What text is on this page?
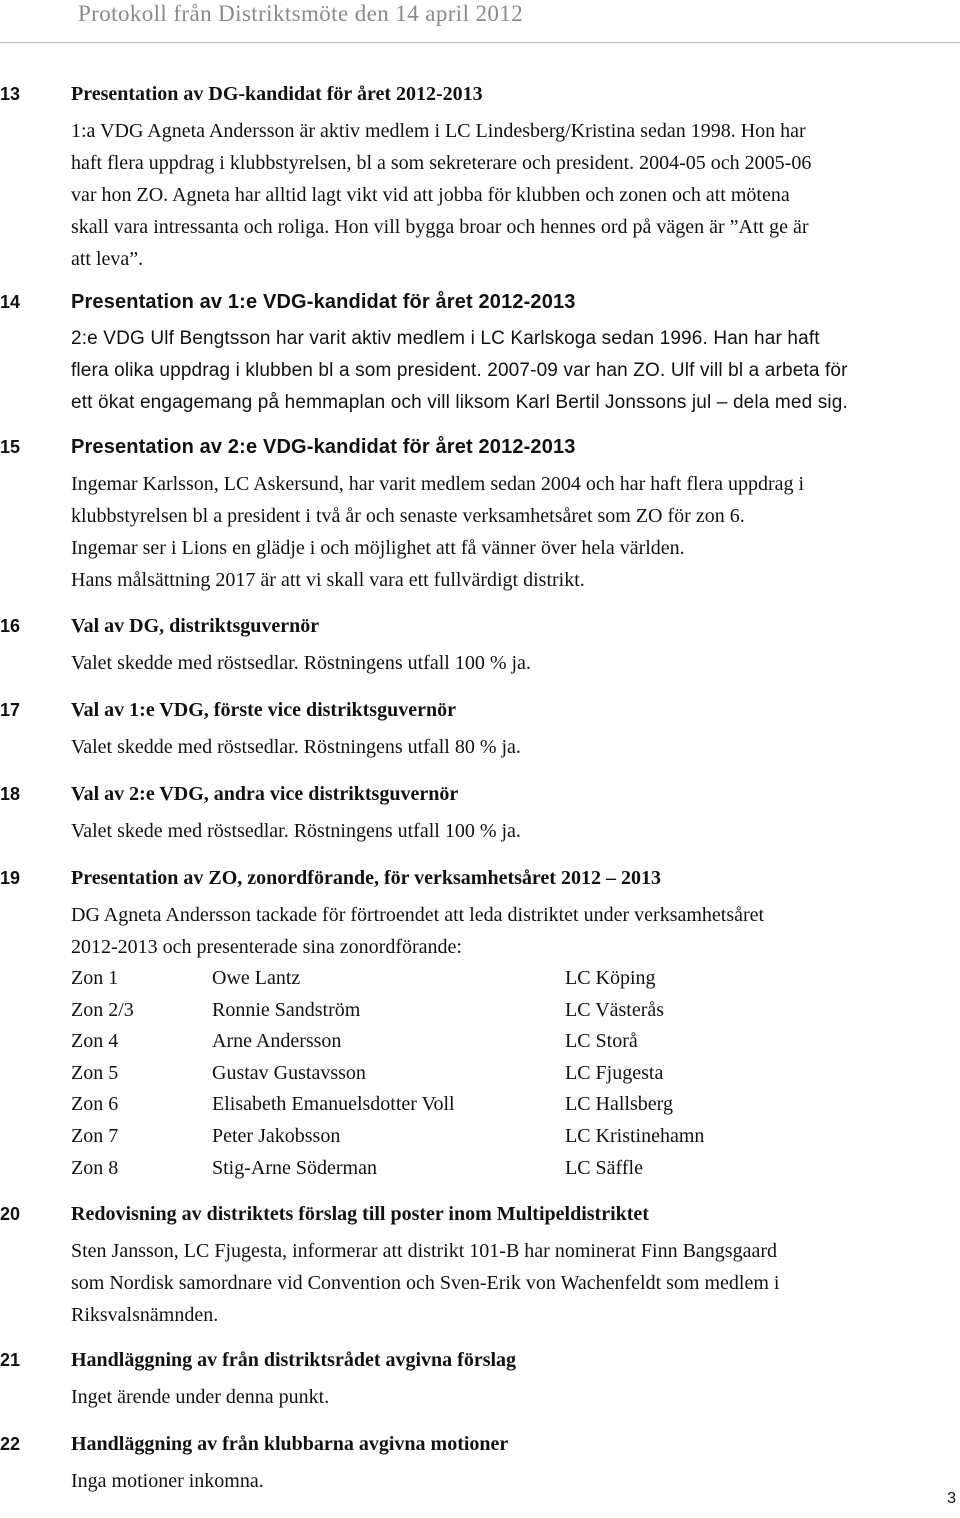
Protokoll från Distriktsmöte den 14 april 2012
13	Presentation av DG-kandidat för året 2012-2013
1:a VDG Agneta Andersson är aktiv medlem i LC Lindesberg/Kristina sedan 1998. Hon har
haft flera uppdrag i klubbstyrelsen, bl a som sekreterare och president. 2004-05 och 2005-06
var hon ZO. Agneta har alltid lagt vikt vid att jobba för klubben och zonen och att mötena
skall vara intressanta och roliga. Hon vill bygga broar och hennes ord på vägen är ”Att ge är
att leva”.
14	Presentation av 1:e VDG-kandidat för året 2012-2013
2:e VDG Ulf Bengtsson har varit aktiv medlem i LC Karlskoga sedan 1996. Han har haft
flera olika uppdrag i klubben bl a som president. 2007-09 var han ZO. Ulf vill bl a arbeta för
ett ökat engagemang på hemmaplan och vill liksom Karl Bertil Jonssons jul – dela med sig.
15	Presentation av 2:e VDG-kandidat för året 2012-2013
Ingemar Karlsson, LC Askersund, har varit medlem sedan 2004 och har haft flera uppdrag i
klubbstyrelsen bl a president i två år och senaste verksamhetsåret som ZO för zon 6.
Ingemar ser i Lions en glädje i och möjlighet att få vänner över hela världen.
Hans målsättning 2017 är att vi skall vara ett fullvärdigt distrikt.
16	Val av DG, distriktsguvernör
Valet skedde med röstsedlar. Röstningens utfall 100 % ja.
17	Val av 1:e VDG, förste vice distriktsguvernör
Valet skedde med röstsedlar. Röstningens utfall 80 % ja.
18	Val av 2:e VDG, andra vice distriktsguvernör
Valet skede med röstsedlar. Röstningens utfall 100 % ja.
19	Presentation av ZO, zonordförande, för verksamhetsåret 2012 – 2013
DG Agneta Andersson tackade för förtroendet att leda distriktet under verksamhetsåret
2012-2013 och presenterade sina zonordförande:
Zon 1	Owe Lantz	LC Köping
Zon 2/3	Ronnie Sandström	LC Västerås
Zon 4	Arne Andersson	LC Storå
Zon 5	Gustav Gustavsson	LC Fjugesta
Zon 6	Elisabeth Emanuelsdotter Voll	LC Hallsberg
Zon 7	Peter Jakobsson	LC Kristinehamn
Zon 8	Stig-Arne Söderman	LC Säffle
20	Redovisning av distriktets förslag till poster inom Multipeldistriktet
Sten Jansson, LC Fjugesta, informerar att distrikt 101-B har nominerat Finn Bangsgaard
som Nordisk samordnare vid Convention och Sven-Erik von Wachenfeldt som medlem i
Riksvalsnämnden.
21	Handläggning av från distriktsrådet avgivna förslag
Inget ärende under denna punkt.
22	Handläggning av från klubbarna avgivna motioner
Inga motioner inkomna.
3
